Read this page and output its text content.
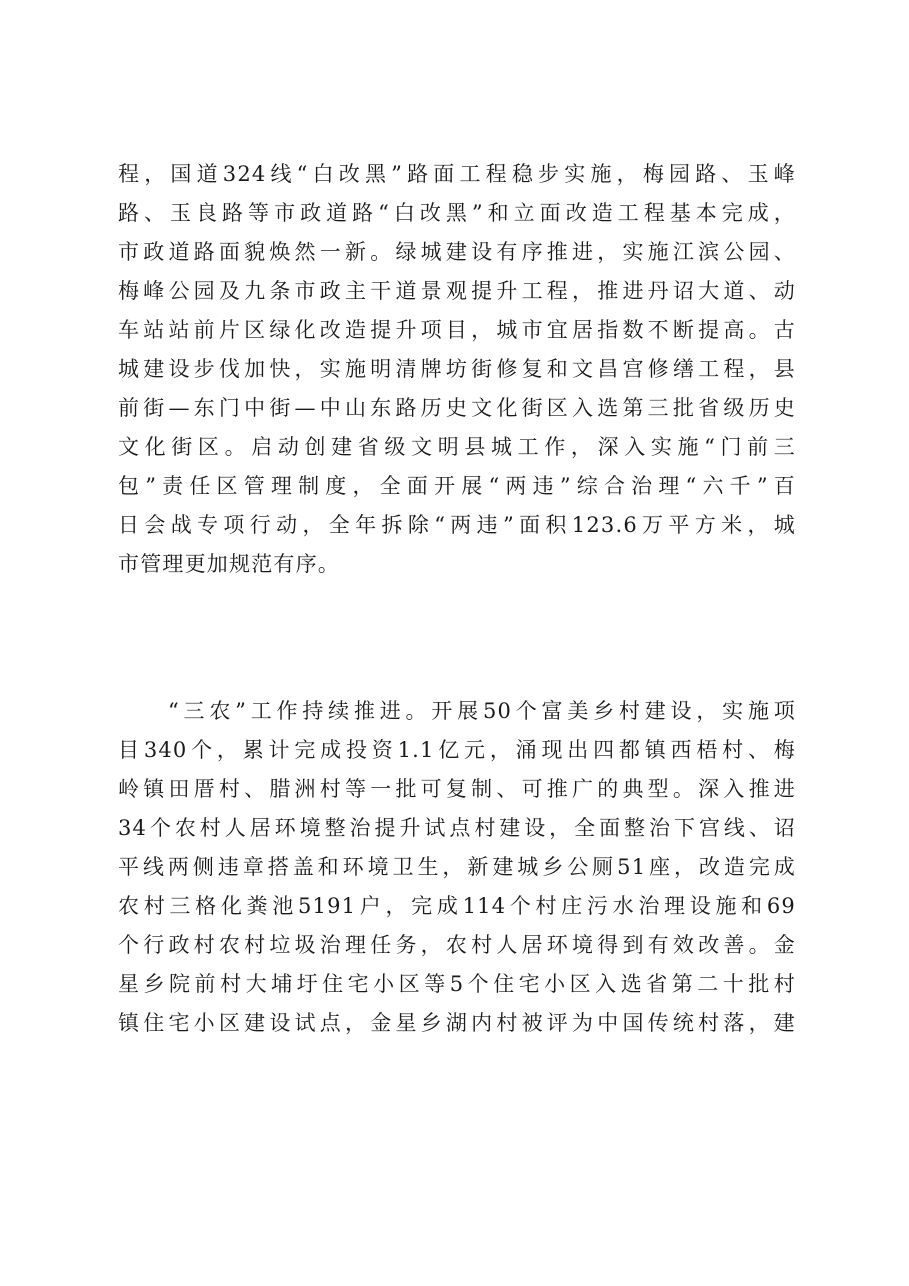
程，国道324线“白改黑”路面工程稳步实施，梅园路、玉峰
路、玉良路等市政道路“白改黑”和立面改造工程基本完成，
市政道路面貌焕然一新。绿城建设有序推进，实施江滨公园、
梅峰公园及九条市政主干道景观提升工程，推进丹诏大道、动
车站站前片区绿化改造提升项目，城市宜居指数不断提高。古
城建设步伐加快，实施明清牌坊街修复和文昌宫修缮工程，县
前街—东门中街—中山东路历史文化街区入选第三批省级历史
文化街区。启动创建省级文明县城工作，深入实施“门前三
包”责任区管理制度，全面开展“两违”综合治理“六千”百
日会战专项行动，全年拆除“两违”面积123.6万平方米，城
市管理更加规范有序。
“三农”工作持续推进。开展50个富美乡村建设，实施项
目340个，累计完成投资1.1亿元，涌现出四都镇西梧村、梅
岭镇田厝村、腊洲村等一批可复制、可推广的典型。深入推进
34个农村人居环境整治提升试点村建设，全面整治下宫线、诏
平线两侧违章搭盖和环境卫生，新建城乡公厕51座，改造完成
农村三格化粪池5191户，完成114个村庄污水治理设施和69
个行政村农村垃圾治理任务，农村人居环境得到有效改善。金
星乡院前村大埔圩住宅小区等5个住宅小区入选省第二十批村
镇住宅小区建设试点，金星乡湖内村被评为中国传统村落，建
